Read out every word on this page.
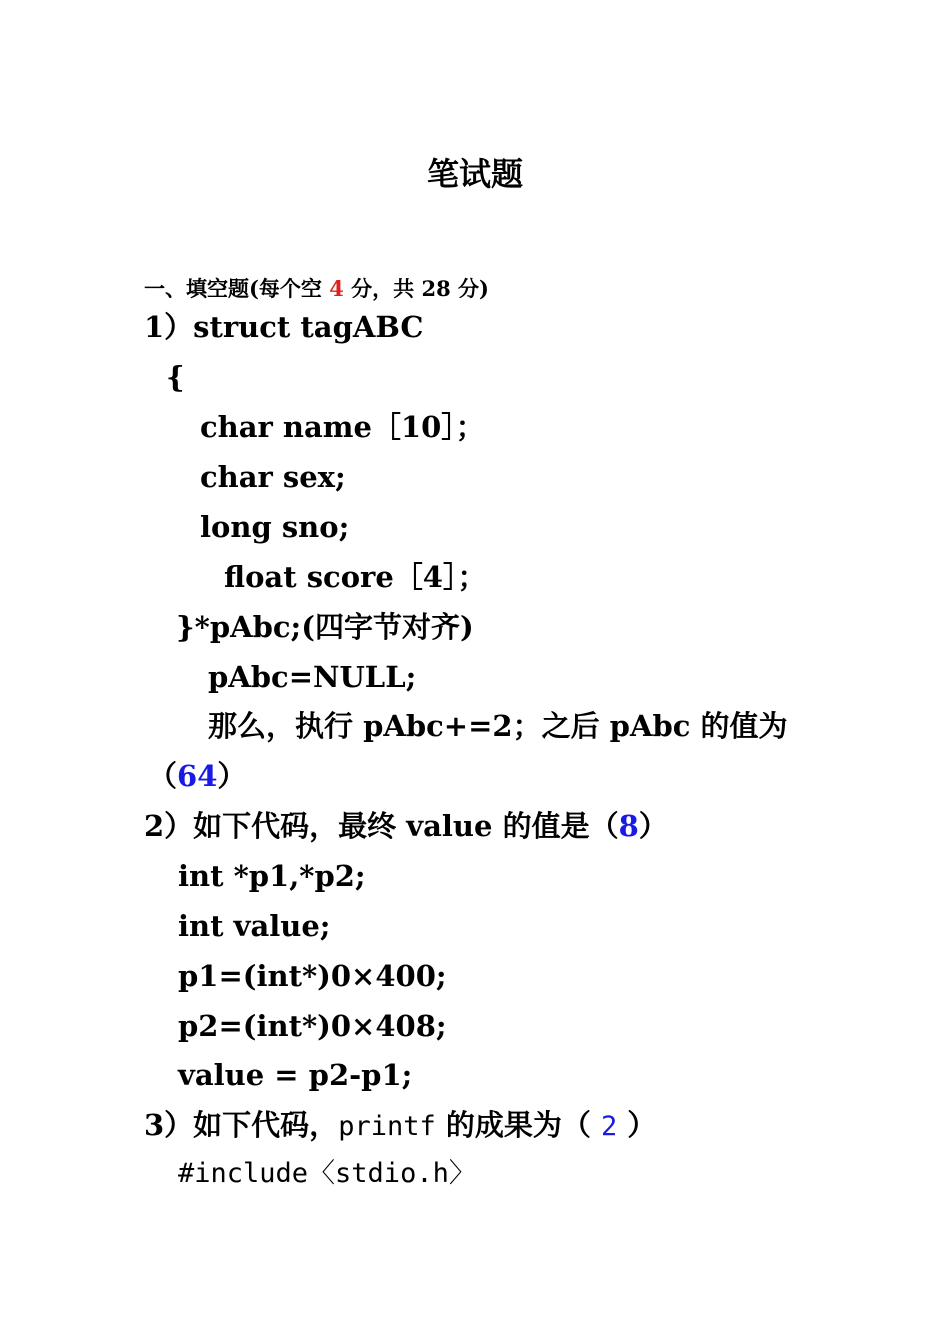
笔试题
一、填空题(每个空 4 分，共 28 分)
1）struct tagABC
{
char name［10］；
char sex;
long sno;
float score［4］；
}*pAbc;(四字节对齐)
pAbc=NULL;
那么，执行 pAbc+=2；之后 pAbc 的值为
（64）
2）如下代码，最终 value 的值是（8）
int *p1,*p2;
int value;
p1=(int*)0×400;
p2=(int*)0×408;
value = p2-p1;
3）如下代码，printf 的成果为（ 2 ）
#include〈stdio.h〉
